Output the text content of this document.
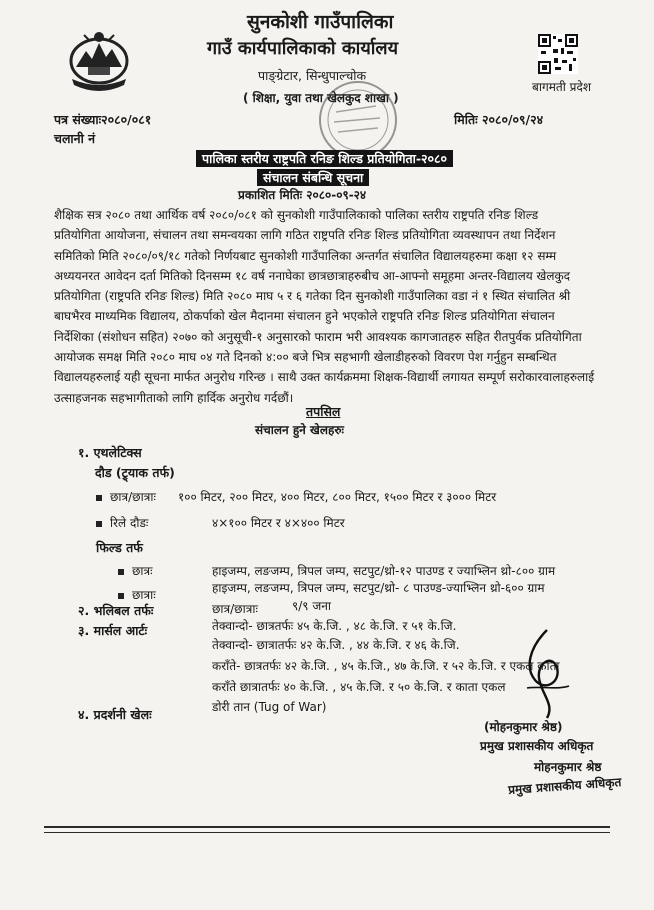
सुनकोशी गाउँपालिका
गाउँ कार्यपालिकाको कार्यालय
पाङ्ग्रेटार, सिन्धुपाल्चोक
( शिक्षा, युवा तथा खेलकुद शाखा )
बागमती प्रदेश
पत्र संख्याः२०८०/०८१
चलानी नं
मितिः २०८०/०९/२४
पालिका स्तरीय राष्ट्रपति रनिङ शिल्ड प्रतियोगिता-२०८०
संचालन संबन्धि सूचना
प्रकाशित मितिः २०८०-०९-२४
शैक्षिक सत्र २०८० तथा आर्थिक वर्ष २०८०/०८१ को सुनकोशी गाउँपालिकाको पालिका स्तरीय राष्ट्रपति रनिङ शिल्ड
प्रतियोगिता आयोजना, संचालन तथा समन्वयका लागि गठित राष्ट्रपति रनिङ शिल्ड प्रतियोगिता व्यवस्थापन तथा निर्देशन
समितिको मिति २०८०/०९/१८ गतेको निर्णयबाट सुनकोशी गाउँपालिका अन्तर्गत संचालित विद्यालयहरुमा कक्षा १२ सम्म
अध्ययनरत आवेदन दर्ता मितिको दिनसम्म १८ वर्ष ननाघेका छात्रछात्राहरुबीच आ-आफ्नो समूहमा अन्तर-विद्यालय खेलकुद
प्रतियोगिता (राष्ट्रपति रनिङ शिल्ड) मिति २०८० माघ ५ र ६ गतेका दिन सुनकोशी गाउँपालिका वडा नं १ स्थित संचालित श्री
बाघभैरव माध्यमिक विद्यालय, ठोकर्पाको खेल मैदानमा संचालन हुने भएकोले राष्ट्रपति रनिङ शिल्ड प्रतियोगिता संचालन
निर्देशिका (संशोधन सहित) २०७० को अनुसूची-१ अनुसारको फाराम भरी आवश्यक कागजातहरु सहित रीतपुर्वक प्रतियोगिता
आयोजक समक्ष मिति २०८० माघ ०४ गते दिनको ४:०० बजे भित्र सहभागी खेलाडीहरुको विवरण पेश गर्नुहुन सम्बन्धित
विद्यालयहरुलाई यही सूचना मार्फत अनुरोध गरिन्छ । साथै उक्त कार्यक्रममा शिक्षक-विद्यार्थी लगायत सम्पूर्ण सरोकारवालाहरुलाई
उत्साहजनक सहभागीताको लागि हार्दिक अनुरोध गर्दछौं।
तपसिल
संचालन हुने खेलहरुः
१. एथलेटिक्स
दौड (ट्र्याक तर्फ)
छात्र/छात्राः १०० मिटर, २०० मिटर, ४०० मिटर, ८०० मिटर, १५०० मिटर र ३००० मिटर
रिले दौडः	४×१०० मिटर र ४×४०० मिटर
फिल्ड तर्फ
छात्रः	हाइजम्प, लङजम्प, त्रिपल जम्प, सटपुट/थ्रो-१२ पाउण्ड र ज्याभ्लिन थ्रो-८०० ग्राम
छात्राः	हाइजम्प, लङजम्प, त्रिपल जम्प, सटपुट/थ्रो- ८ पाउण्ड-ज्याभ्लिन थ्रो-६०० ग्राम
२. भलिबल तर्फः	छात्र/छात्राः	९/९ जना
३. मार्सल आर्टः	तेक्वान्दो- छात्रतर्फः ४५ के.जि. , ४८ के.जि. र ५१ के.जि.
तेक्वान्दो- छात्रातर्फः ४२ के.जि. , ४४ के.जि. र ४६ के.जि.
कराँते- छात्रतर्फः ४२ के.जि. , ४५ के.जि., ४७ के.जि. र ५२ के.जि. र एकल काता
कराँते छात्रातर्फः ४० के.जि. , ४५ के.जि. र ५० के.जि. र काता एकल
४. प्रदर्शनी खेलः	डोरी तान (Tug of War)
(मोहनकुमार श्रेष्ठ)
प्रमुख प्रशासकीय अधिकृत
मोहनकुमार श्रेष्ठ
प्रमुख प्रशासकीय अधिकृत
